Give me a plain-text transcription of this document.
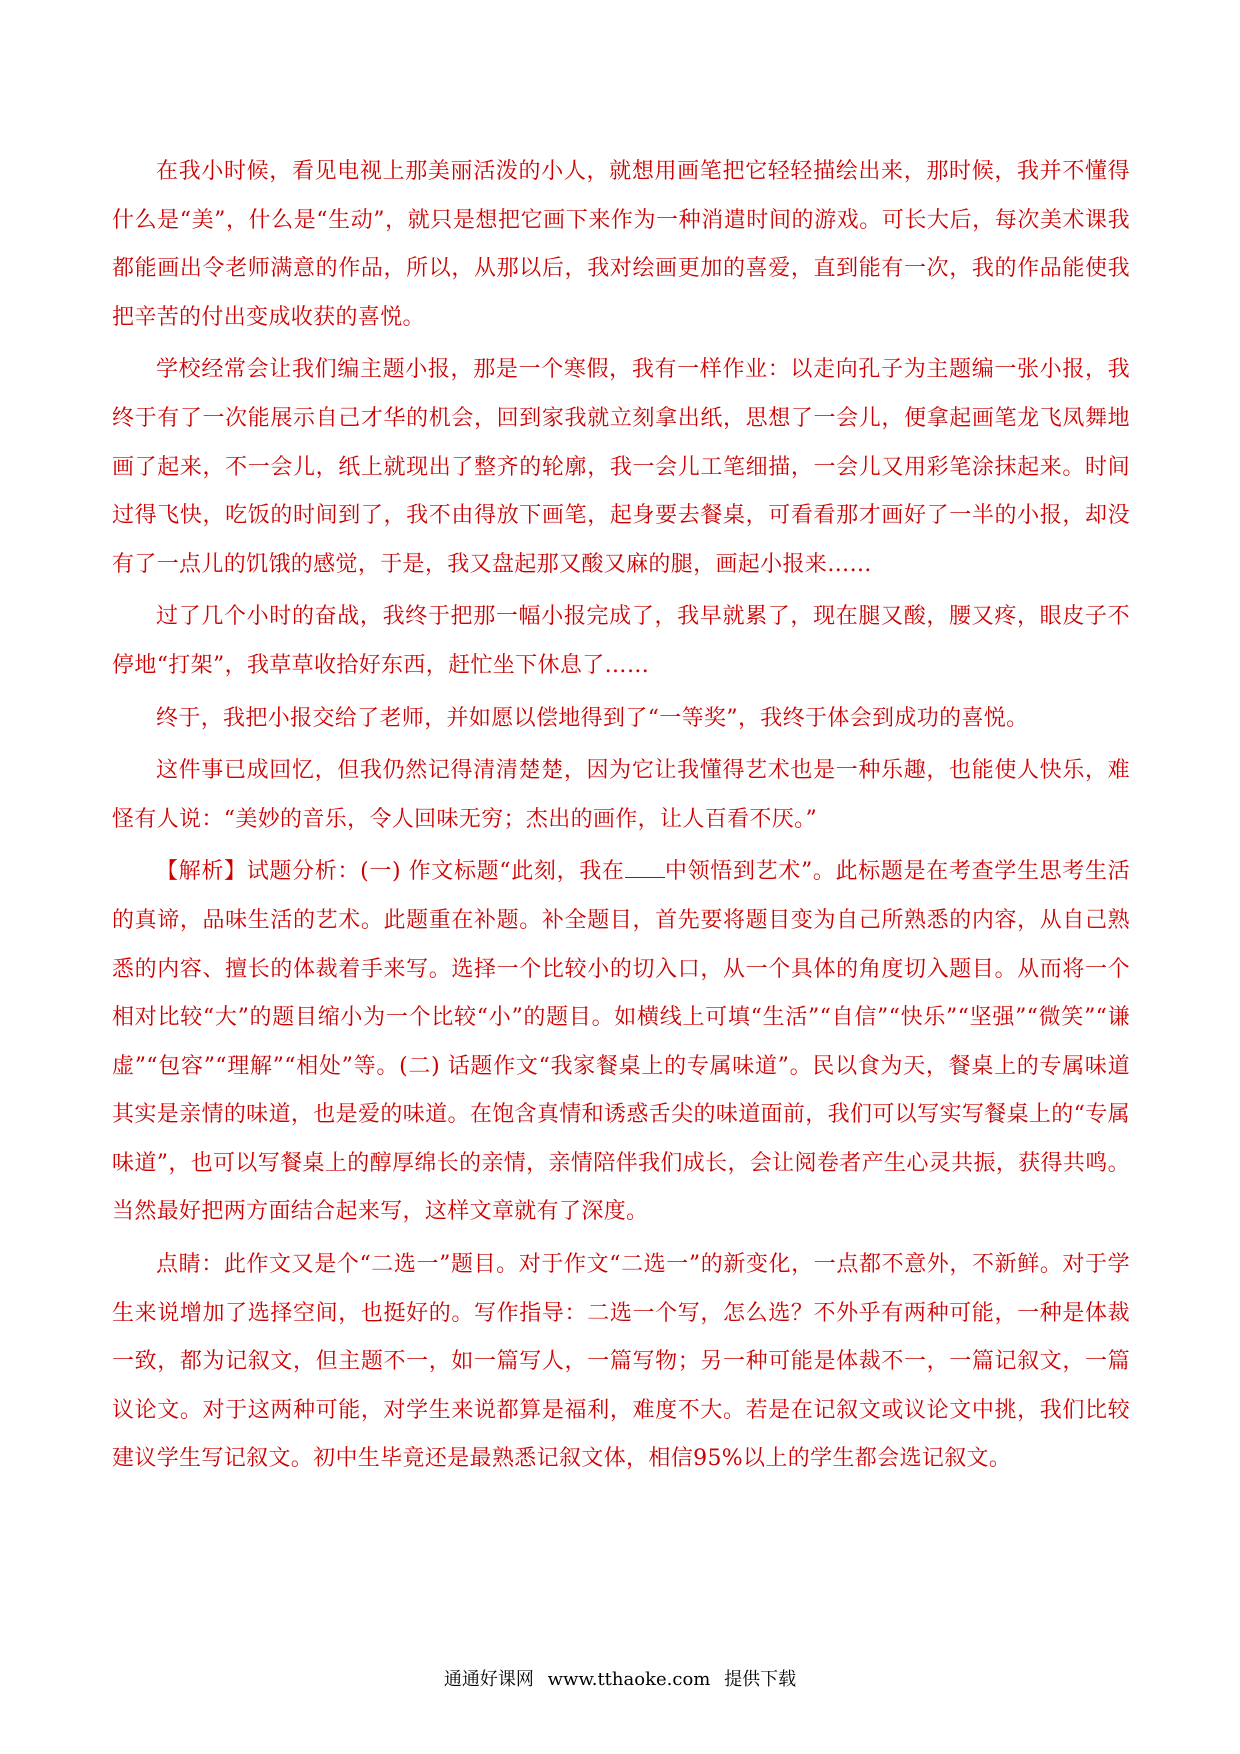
在我小时候，看见电视上那美丽活泼的小人，就想用画笔把它轻轻描绘出来，那时候，我并不懂得什么是“美”，什么是“生动”，就只是想把它画下来作为一种消遣时间的游戏。可长大后，每次美术课我都能画出令老师满意的作品，所以，从那以后，我对绘画更加的喜爱，直到能有一次，我的作品能使我把辛苦的付出变成收获的喜悦。

学校经常会让我们编主题小报，那是一个寒假，我有一样作业：以走向孔子为主题编一张小报，我终于有了一次能展示自己才华的机会，回到家我就立刻拿出纸，思想了一会儿，便拿起画笔龙飞凤舞地画了起来，不一会儿，纸上就现出了整齐的轮廓，我一会儿工笔细描，一会儿又用彩笔涂抹起来。时间过得飞快，吃饭的时间到了，我不由得放下画笔，起身要去餐桌，可看看那才画好了一半的小报，却没有了一点儿的饥饿的感觉，于是，我又盘起那又酸又麻的腿，画起小报来……

过了几个小时的奋战，我终于把那一幅小报完成了，我早就累了，现在腿又酸，腰又疼，眼皮子不停地“打架”，我草草收拾好东西，赶忙坐下休息了……

终于，我把小报交给了老师，并如愿以偿地得到了“一等奖”，我终于体会到成功的喜悦。

这件事已成回忆，但我仍然记得清清楚楚，因为它让我懂得艺术也是一种乐趣，也能使人快乐，难怪有人说：“美妙的音乐，令人回味无穷；杰出的画作，让人百看不厌。”

【解析】试题分析：(一) 作文标题“此刻，我在 中领悟到艺术”。此标题是在考查学生思考生活的真谛，品味生活的艺术。此题重在补题。补全题目，首先要将题目变为自己所熟悉的内容，从自己熟悉的内容、擅长的体裁着手来写。选择一个比较小的切入口，从一个具体的角度切入题目。从而将一个相对比较“大”的题目缩小为一个比较“小”的题目。如横线上可填“生活”“自信”“快乐”“坚强”“微笑”“谦虚”“包容”“理解”“相处”等。(二) 话题作文“我家餐桌上的专属味道”。民以食为天，餐桌上的专属味道其实是亲情的味道，也是爱的味道。在饱含真情和诱惑舌尖的味道面前，我们可以写实写餐桌上的“专属味道”，也可以写餐桌上的醇厚绵长的亲情，亲情陪伴我们成长，会让阅卷者产生心灵共振，获得共鸣。当然最好把两方面结合起来写，这样文章就有了深度。

点睛：此作文又是个“二选一”题目。对于作文“二选一”的新变化，一点都不意外，不新鲜。对于学生来说增加了选择空间，也挺好的。写作指导：二选一个写，怎么选？不外乎有两种可能，一种是体裁一致，都为记叙文，但主题不一，如一篇写人，一篇写物；另一种可能是体裁不一，一篇记叙文，一篇议论文。对于这两种可能，对学生来说都算是福利，难度不大。若是在记叙文或议论文中挑，我们比较建议学生写记叙文。初中生毕竟还是最熟悉记叙文体，相信95%以上的学生都会选记叙文。

通通好课网 www.tthaoke.com 提供下载
